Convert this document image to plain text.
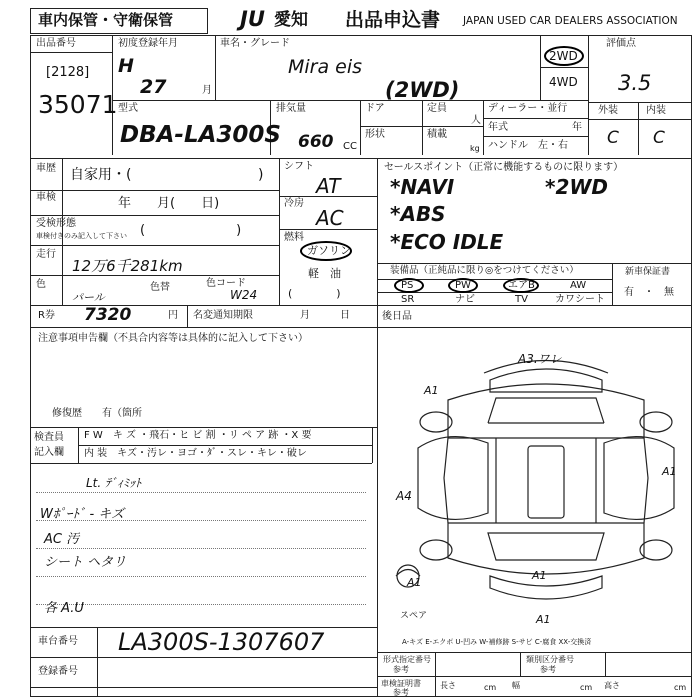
車内保管・守衛保管	JU 愛知 出品申込書 JAPAN USED CAR DEALERS ASSOCIATION
出品番号
[2128]
35071
初度登録年月
H
27	月
車名・グレード
Mira eis
(2WD)
2WD
4WD
評価点
3.5
型式
DBA-LA300S
排気量
660 CC
ドア	定員
人
形状	積載
kg
ディーラー・並行
年式	年
ハンドル　左・右
外装	内装
C C
車歴 自家用・(	)
車検	年　　月(　　日)
受検形態
車検付きのみ記入して下さい (　　　　　　　)
走行
12万6千281km
色
パール
色替	色コード
W24
シフト
AT
冷房
AC
燃料
ガソリン
軽　油
(　　　　)
セールスポイント（正常に機能するものに限ります）
*NAVI	*2WD
*ABS
*ECO IDLE
装備品（正純品に限り◎をつけてください）
PS	PW	エアB	AW
SR	ナビ	TV	カワシート
新車保証書
有　・　無
R券 7320	円 名変通知期限	月　　　日	後日品
注意事項申告欄（不具合内容等は具体的に記入して下さい）
修復歴　　有（箇所
検査員
記入欄
F W　キ ズ ・飛石・ヒ ビ 割 ・リ ペ ア 跡 ・X 要
内 装　キズ・汚レ・ヨゴ・ﾀﾞ・スレ・キレ・破レ
Lt. ﾃﾞｨﾐｯﾄ
Wﾎﾟｰﾄﾞ - キズ
AC 汚
シート ヘタリ
各 A.U
車台番号 LA300S-1307607
登録番号
A3.ワレ
A1
A4
A1
A1
A1
A1
スペア
A-キズ E-エクボ U-凹み W-補修跡 S-サビ C-腐食 XX-交換済
形式指定番号
参考
類別区分番号
参考
車検証明書
参考
長さ	cm 幅	cm 高さ	cm
